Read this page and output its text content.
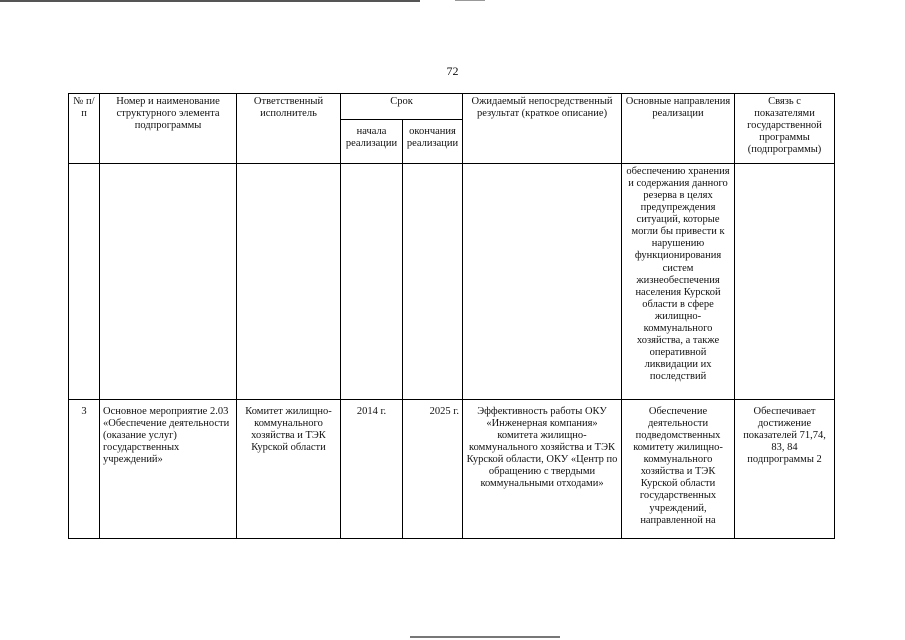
72
№ п/п	Номер и наименование структурного элемента подпрограммы	Ответственный исполнитель	Срок		Ожидаемый непосредственный результат (краткое описание)	Основные направления реализации	Связь с показателями государственной программы (подпрограммы)
			начала реализации	окончания реализации			
						обеспечению хранения и содержания данного резерва в целях предупреждения ситуаций, которые могли бы привести к нарушению функционирования систем жизнеобеспечения населения Курской области в сфере жилищно-коммунального хозяйства, а также оперативной ликвидации их последствий	
3	Основное мероприятие 2.03 «Обеспечение деятельности (оказание услуг) государственных учреждений»	Комитет жилищно-коммунального хозяйства и ТЭК Курской области	2014 г.	2025 г.	Эффективность работы ОКУ «Инженерная компания» комитета жилищно-коммунального хозяйства и ТЭК Курской области, ОКУ «Центр по обращению с твердыми коммунальными отходами»	Обеспечение деятельности подведомственных комитету жилищно-коммунального хозяйства и ТЭК Курской области государственных учреждений, направленной на	Обеспечивает достижение показателей 71,74, 83, 84 подпрограммы 2
